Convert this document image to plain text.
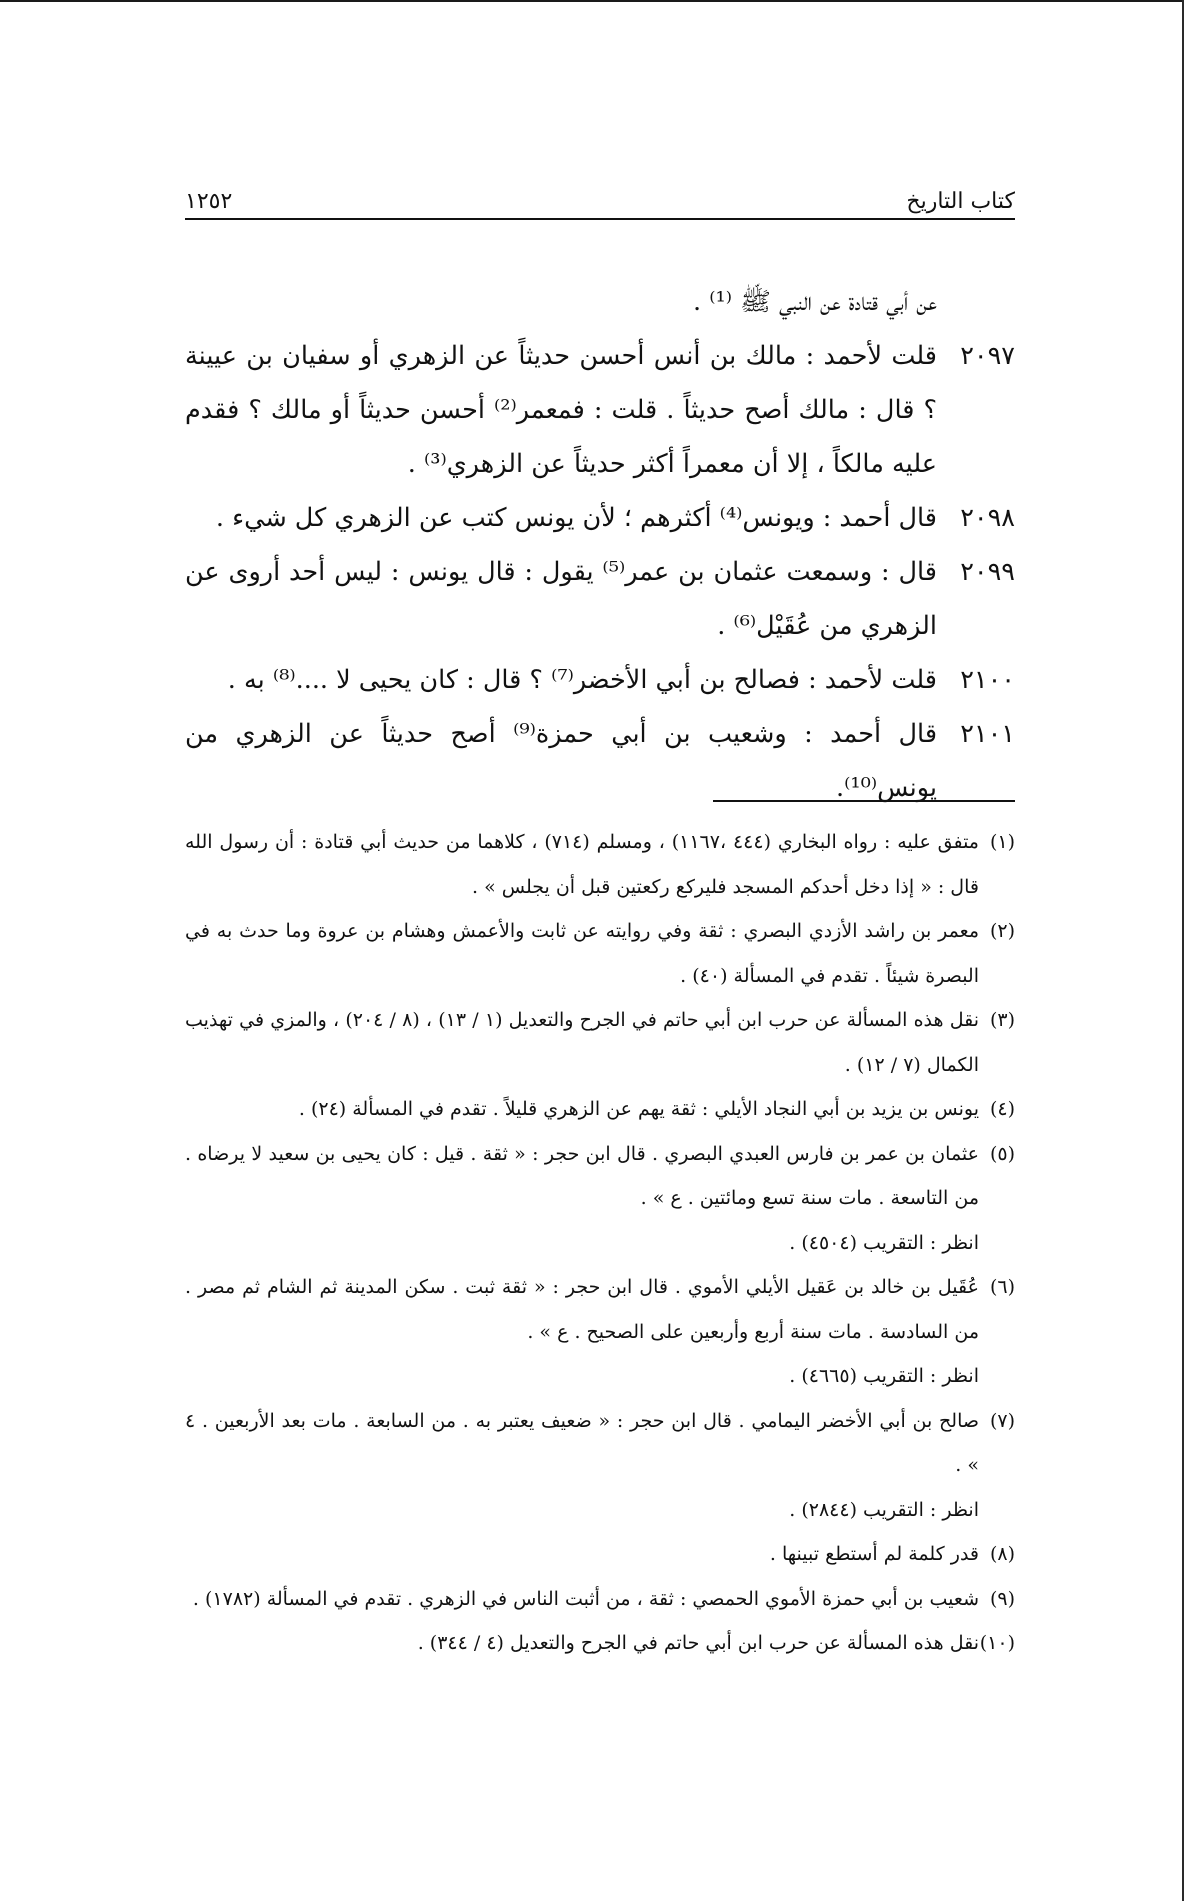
١٢٥٢	كتاب التاريخ
عن أبي قتادة عن النبي ﷺ ⁽¹⁾ .
٢٠٩٧
قلت لأحمد : مالك بن أنس أحسن حديثاً عن الزهري أو سفيان بن عيينة ؟ قال : مالك أصح حديثاً . قلت : فمعمر⁽²⁾ أحسن حديثاً أو مالك ؟ فقدم عليه مالكاً ، إلا أن معمراً أكثر حديثاً عن الزهري⁽³⁾ .
٢٠٩٨
قال أحمد : ويونس⁽⁴⁾ أكثرهم ؛ لأن يونس كتب عن الزهري كل شيء .
٢٠٩٩
قال : وسمعت عثمان بن عمر⁽⁵⁾ يقول : قال يونس : ليس أحد أروى عن الزهري من عُقَيْل⁽⁶⁾ .
٢١٠٠
قلت لأحمد : فصالح بن أبي الأخضر⁽⁷⁾ ؟ قال : كان يحيى لا ....⁽⁸⁾ به .
٢١٠١
قال أحمد : وشعيب بن أبي حمزة⁽⁹⁾ أصح حديثاً عن الزهري من يونس⁽¹⁰⁾.
(١)
متفق عليه : رواه البخاري (٤٤٤ ،١١٦٧) ، ومسلم (٧١٤) ، كلاهما من حديث أبي قتادة : أن رسول الله قال : « إذا دخل أحدكم المسجد فليركع ركعتين قبل أن يجلس » .
(٢)
معمر بن راشد الأزدي البصري : ثقة وفي روايته عن ثابت والأعمش وهشام بن عروة وما حدث به في البصرة شيئاً . تقدم في المسألة (٤٠) .
(٣)
نقل هذه المسألة عن حرب ابن أبي حاتم في الجرح والتعديل (١ / ١٣) ، (٨ / ٢٠٤) ، والمزي في تهذيب الكمال (٧ / ١٢) .
(٤)
يونس بن يزيد بن أبي النجاد الأيلي : ثقة يهم عن الزهري قليلاً . تقدم في المسألة (٢٤) .
(٥)
عثمان بن عمر بن فارس العبدي البصري . قال ابن حجر : « ثقة . قيل : كان يحيى بن سعيد لا يرضاه . من التاسعة . مات سنة تسع ومائتين . ع » .
انظر : التقريب (٤٥٠٤) .
(٦)
عُقَيل بن خالد بن عَقيل الأيلي الأموي . قال ابن حجر : « ثقة ثبت . سكن المدينة ثم الشام ثم مصر . من السادسة . مات سنة أربع وأربعين على الصحيح . ع » .
انظر : التقريب (٤٦٦٥) .
(٧)
صالح بن أبي الأخضر اليمامي . قال ابن حجر : « ضعيف يعتبر به . من السابعة . مات بعد الأربعين . ٤ » .
انظر : التقريب (٢٨٤٤) .
(٨)
قدر كلمة لم أستطع تبينها .
(٩)
شعيب بن أبي حمزة الأموي الحمصي : ثقة ، من أثبت الناس في الزهري . تقدم في المسألة (١٧٨٢) .
(١٠)
نقل هذه المسألة عن حرب ابن أبي حاتم في الجرح والتعديل (٤ / ٣٤٤) .
